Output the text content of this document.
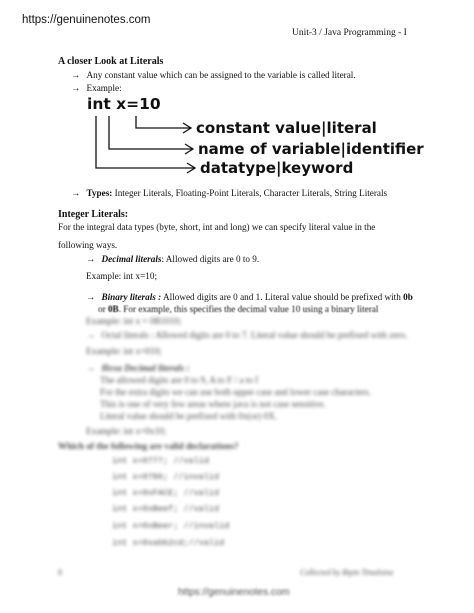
https://genuinenotes.com
Unit-3 / Java Programming - I
A closer Look at Literals
→ Any constant value which can be assigned to the variable is called literal.
→ Example:
int x=10
constant value|literal
name of variable|identifier
datatype|keyword
→ Types: Integer Literals, Floating-Point Literals, Character Literals, String Literals
Integer Literals:
For the integral data types (byte, short, int and long) we can specify literal value in the
following ways.
→ Decimal literals: Allowed digits are 0 to 9.
Example: int x=10;
→ Binary literals : Allowed digits are 0 and 1. Literal value should be prefixed with 0b
or 0B. For example, this specifies the decimal value 10 using a binary literal
Example: int x = 0B1010;
→ Octal literals : Allowed digits are 0 to 7. Literal value should be prefixed with zero.
Example: int x=010;
→ Hexa Decimal literals :
The allowed digits are 0 to 9, A to F / a to f
For the extra digits we can use both upper case and lower case characters.
This is one of very few areas where java is not case sensitive.
Literal value should be prefixed with 0x(or) 0X.
Example: int x=0x10;
Which of the following are valid declarations?
int x=0777; //valid
int x=0786; //invalid
int x=0xFACE; //valid
int x=0xBeef; //valid
int x=0xBeer; //invalid
int x=0xabb2cd;//valid
8	Collected by Bipin Timalsina
https://genuinenotes.com
